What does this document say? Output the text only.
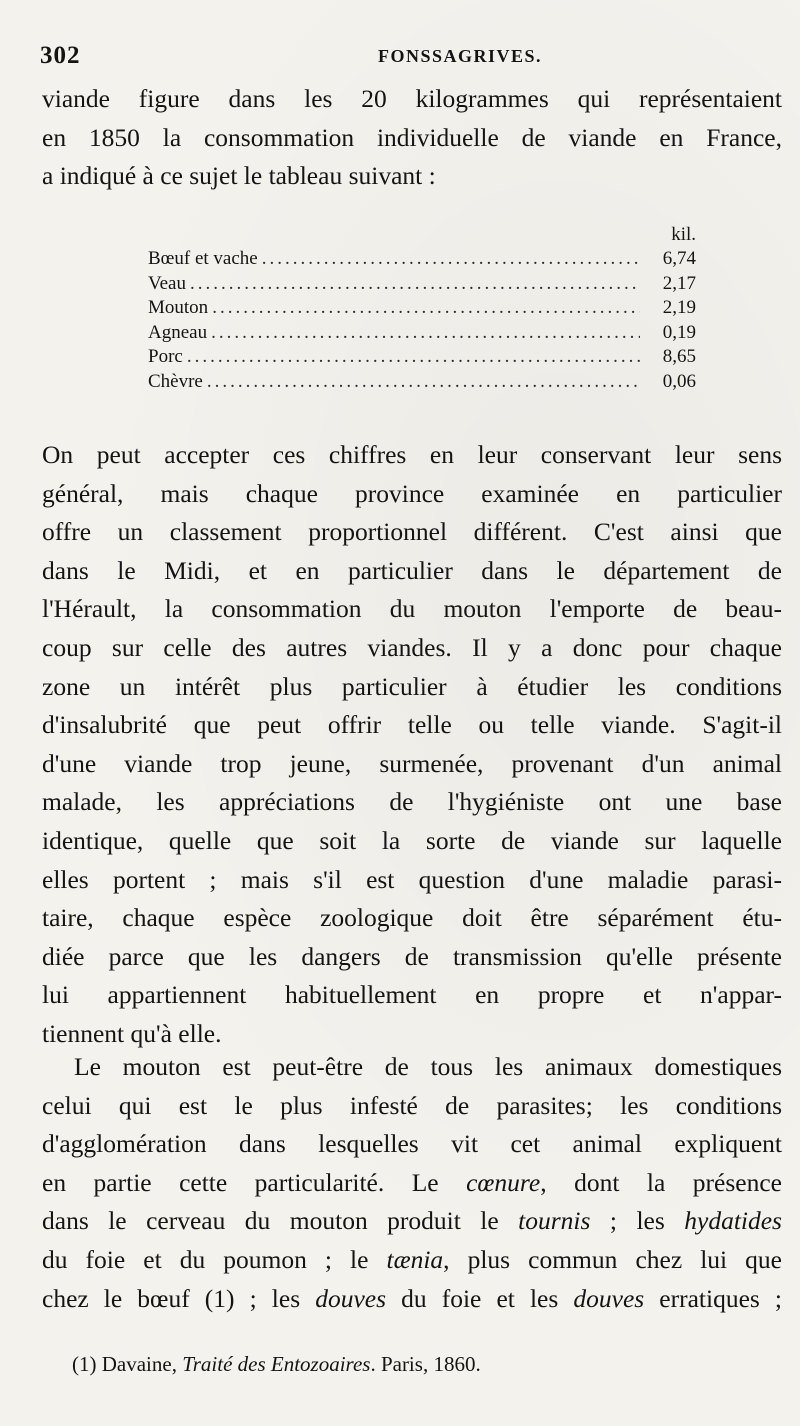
302	FONSSAGRIVES.
viande figure dans les 20 kilogrammes qui représentaient
en 1850 la consommation individuelle de viande en France,
a indiqué à ce sujet le tableau suivant :
kil.
Bœuf et vache .....	6,74
Veau .....	2,17
Mouton .....	2,19
Agneau .....	0,19
Porc .....	8,65
Chèvre .....	0,06
On peut accepter ces chiffres en leur conservant leur sens
général, mais chaque province examinée en particulier
offre un classement proportionnel différent. C'est ainsi que
dans le Midi, et en particulier dans le département de
l'Hérault, la consommation du mouton l'emporte de beau-
coup sur celle des autres viandes. Il y a donc pour chaque
zone un intérêt plus particulier à étudier les conditions
d'insalubrité que peut offrir telle ou telle viande. S'agit-il
d'une viande trop jeune, surmenée, provenant d'un animal
malade, les appréciations de l'hygiéniste ont une base
identique, quelle que soit la sorte de viande sur laquelle
elles portent ; mais s'il est question d'une maladie parasi-
taire, chaque espèce zoologique doit être séparément étu-
diée parce que les dangers de transmission qu'elle présente
lui appartiennent habituellement en propre et n'appar-
tiennent qu'à elle.
Le mouton est peut-être de tous les animaux domestiques
celui qui est le plus infesté de parasites; les conditions
d'agglomération dans lesquelles vit cet animal expliquent
en partie cette particularité. Le cœnure, dont la présence
dans le cerveau du mouton produit le tournis ; les hydatides
du foie et du poumon ; le tænia, plus commun chez lui que
chez le bœuf (1) ; les douves du foie et les douves erratiques ;
(1) Davaine, Traité des Entozoaires. Paris, 1860.
